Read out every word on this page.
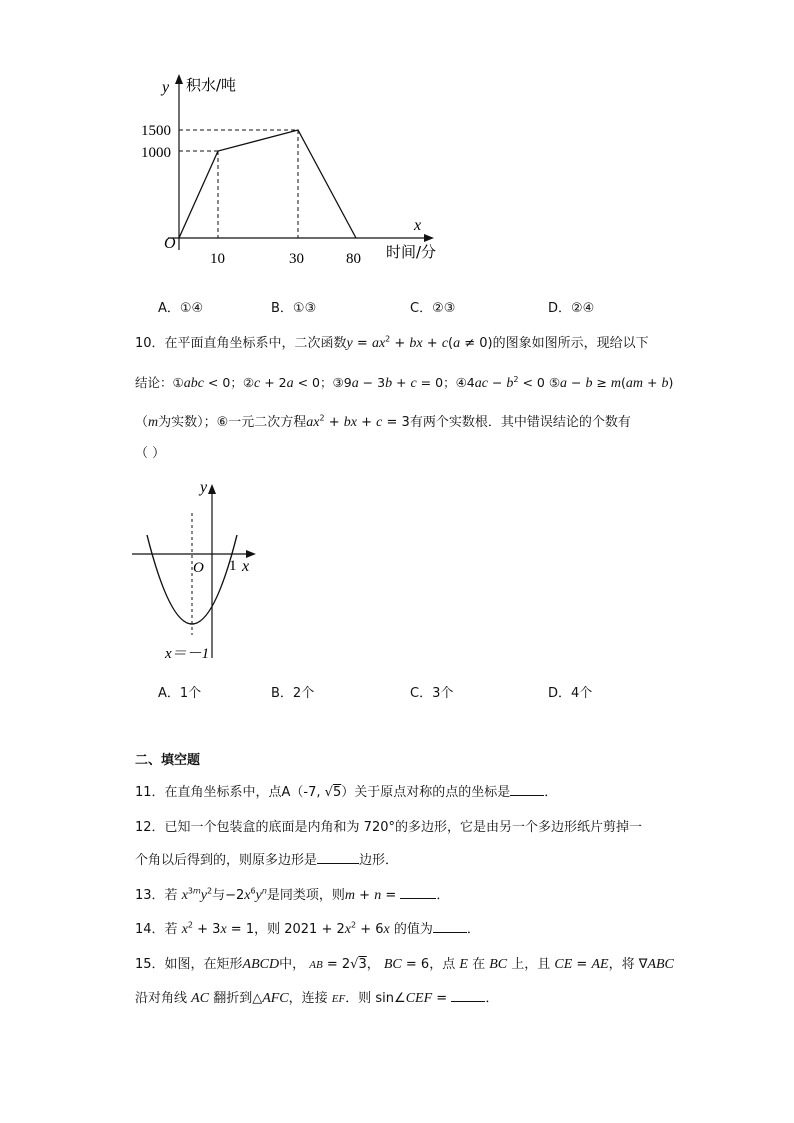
y 积水/吨
1500
1000
O
10	30	80
x
时间/分
A．①④	B．①③	C．②③	D．②④
10．在平面直角坐标系中，二次函数$y = ax^2$ + bx + c(a ≠ 0)的图象如图所示，现给以下
结论：①abc < 0；②c + 2a < 0；③9a − 3b + c = 0；④4ac − $b^2 < 0$ ⑤a − b ≥ m(am + b)
（m为实数）；⑥一元二次方程$ax^2$ + bx + c = 3有两个实数根．其中错误结论的个数有
（ ）
y
O 1 x
x＝－1
A．1个	B．2个	C．3个	D．4个
二、填空题
11．在直角坐标系中，点A（-7, √5）关于原点对称的点的坐标是	．
12．已知一个包装盒的底面是内角和为 720°的多边形，它是由另一个多边形纸片剪掉一
个角以后得到的，则原多边形是	边形．
13．若 $x^{3m}y^2$与$-2x^6y^n$是同类项，则m + n =	．
14．若 $x^2 + 3x = 1$，则 $2021 + 2x^2 + 6x$ 的值为	．
15．如图，在矩形ABCD中， AB = 2√3， BC = 6，点 E 在 BC 上，且 CE = AE，将 ∇ABC
沿对角线 AC 翻折到△AFC，连接 EF．则 sin∠CEF =	．
